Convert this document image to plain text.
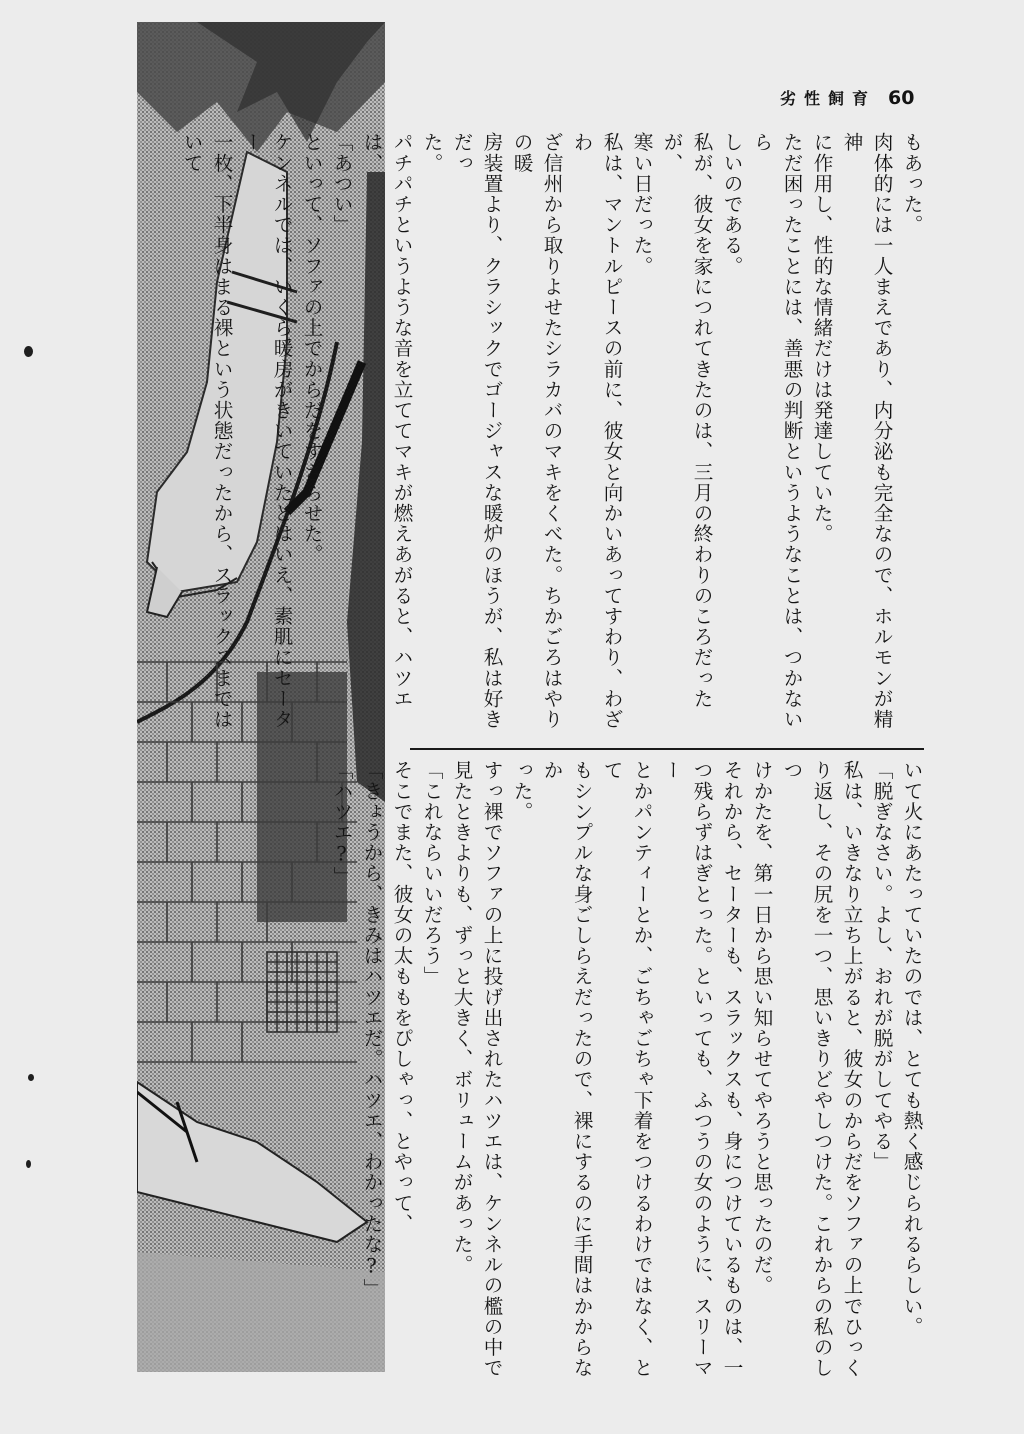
劣性飼育 60

もあった。

肉体的には一人まえであり、内分泌も完全なので、ホルモンが精神

に作用し、性的な情緒だけは発達していた。

ただ困ったことには、善悪の判断というようなことは、つかないら

しいのである。

私が、彼女を家につれてきたのは、三月の終わりのころだったが、

寒い日だった。

私は、マントルピースの前に、彼女と向かいあってすわり、わざわ

ざ信州から取りよせたシラカバのマキをくべた。ちかごろはやりの暖

房装置より、クラシックでゴージャスな暖炉のほうが、私は好きだっ

た。

パチパチというような音を立ててマキが燃えあがると、ハツエは、

「あつい」

といって、ソファの上でからだをすざらせた。

ケンネルでは、いくら暖房がきいていたとはいえ、素肌にセーター

一枚、下半身はまる裸という状態だったから、スラックスまではいて

いて火にあたっていたのでは、とても熱く感じられるらしい。

「脱ぎなさい。よし、おれが脱がしてやる」

私は、いきなり立ち上がると、彼女のからだをソファの上でひっく

り返し、その尻を一つ、思いきりどやしつけた。これからの私のしつ

けかたを、第一日から思い知らせてやろうと思ったのだ。

それから、セーターも、スラックスも、身につけているものは、一

つ残らずはぎとった。といっても、ふつうの女のように、スリーマー

とかパンティーとか、ごちゃごちゃ下着をつけるわけではなく、とて

もシンプルな身ごしらえだったので、裸にするのに手間はかからなか

った。

すっ裸でソファの上に投げ出されたハツエは、ケンネルの檻の中で

見たときよりも、ずっと大きく、ボリュームがあった。

「これならいいだろう」

そこでまた、彼女の太ももをぴしゃっ、とやって、

「きょうから、きみはハツエだ。ハツエ、わかったな?」

「ハツエ?」
